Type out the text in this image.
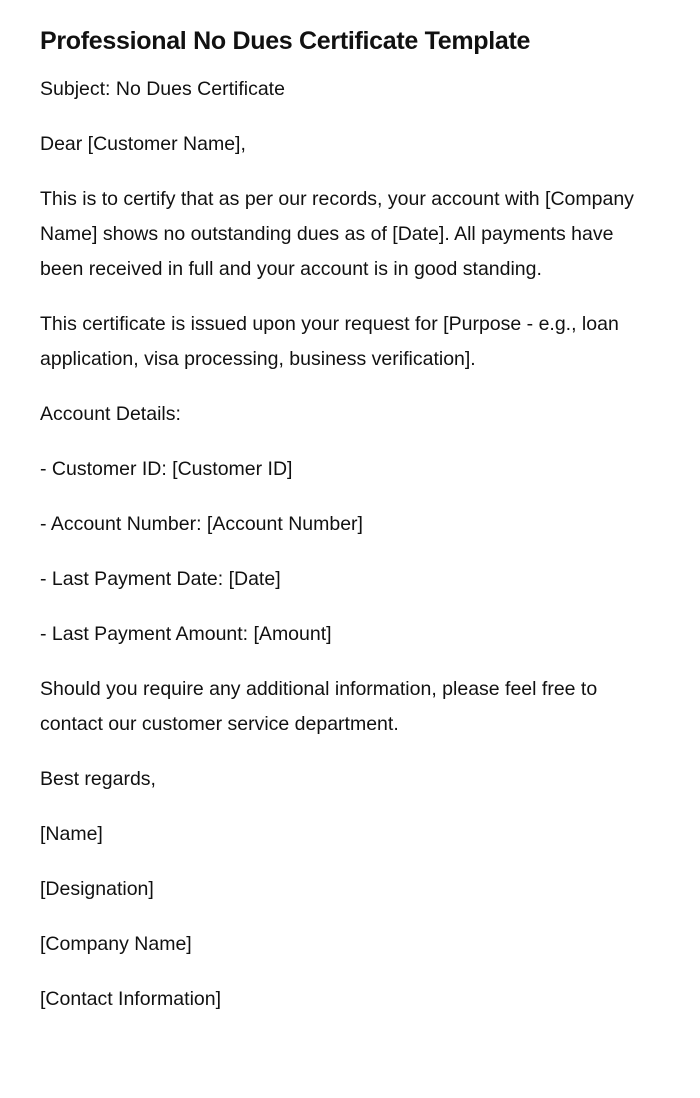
Professional No Dues Certificate Template

Subject: No Dues Certificate

Dear [Customer Name],

This is to certify that as per our records, your account with [Company Name] shows no outstanding dues as of [Date]. All payments have been received in full and your account is in good standing.

This certificate is issued upon your request for [Purpose - e.g., loan application, visa processing, business verification].

Account Details:

- Customer ID: [Customer ID]

- Account Number: [Account Number]

- Last Payment Date: [Date]

- Last Payment Amount: [Amount]

Should you require any additional information, please feel free to contact our customer service department.

Best regards,

[Name]

[Designation]

[Company Name]

[Contact Information]
